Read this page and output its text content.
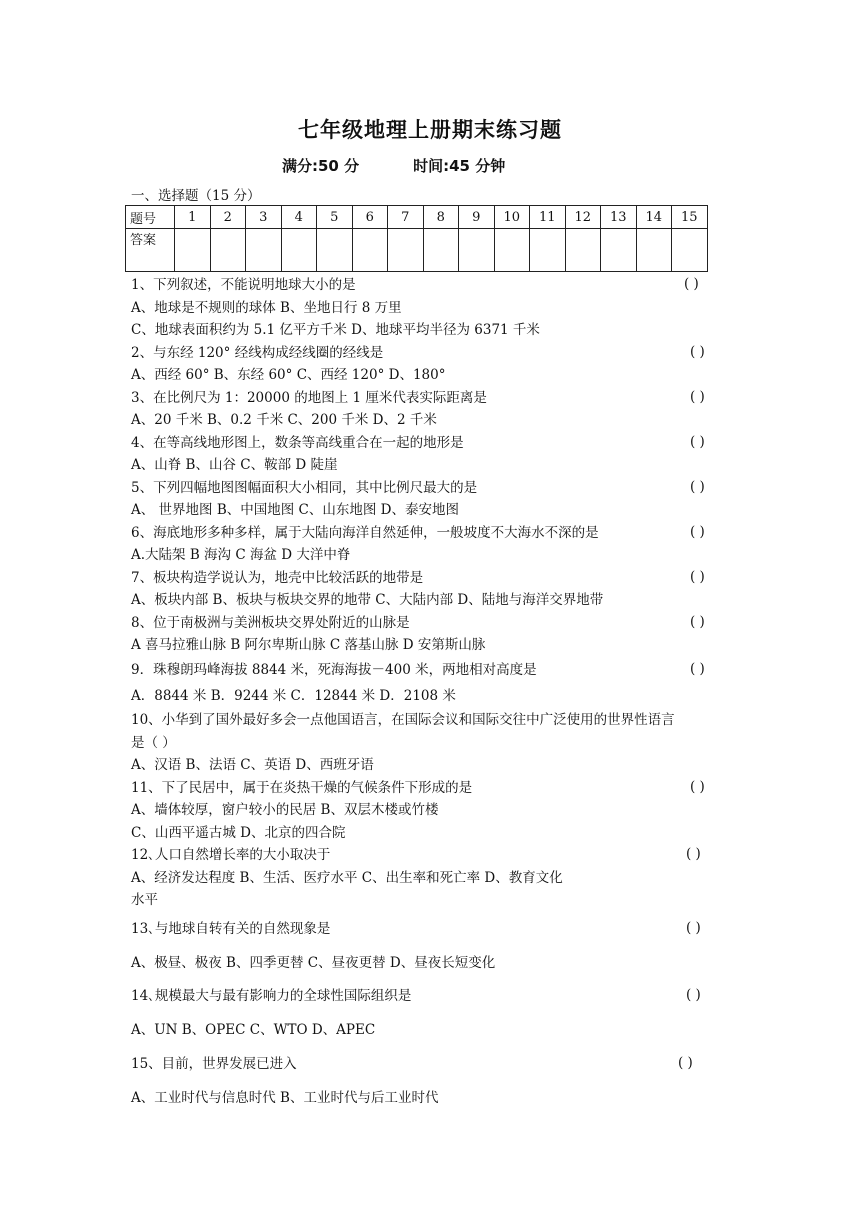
七年级地理上册期末练习题
满分:50 分	时间:45 分钟
一、选择题（15 分）
题号	1	2	3	4	5	6	7	8	9	10	11	12	13	14	15
答案															
1、下列叙述，不能说明地球大小的是	( )
A、地球是不规则的球体 B、坐地日行 8 万里
C、地球表面积约为 5.1 亿平方千米 D、地球平均半径为 6371 千米
2、与东经 120° 经线构成经线圈的经线是	( )
A、西经 60° B、东经 60° C、西经 120° D、180°
3、在比例尺为 1：20000 的地图上 1 厘米代表实际距离是	( )
A、20 千米 B、0.2 千米 C、200 千米 D、2 千米
4、在等高线地形图上，数条等高线重合在一起的地形是	( )
A、山脊 B、山谷 C、鞍部 D 陡崖
5、下列四幅地图图幅面积大小相同，其中比例尺最大的是	( )
A、 世界地图 B、中国地图 C、山东地图 D、泰安地图
6、海底地形多种多样，属于大陆向海洋自然延伸，一般坡度不大海水不深的是	( )
A.大陆架 B 海沟 C 海盆 D 大洋中脊
7、板块构造学说认为，地壳中比较活跃的地带是	( )
A、板块内部 B、板块与板块交界的地带 C、大陆内部 D、陆地与海洋交界地带
8、位于南极洲与美洲板块交界处附近的山脉是	( )
A 喜马拉雅山脉 B 阿尔卑斯山脉 C 落基山脉 D 安第斯山脉
9．珠穆朗玛峰海拔 8844 米，死海海拔－400 米，两地相对高度是	( )
A．8844 米 B．9244 米 C．12844 米 D．2108 米
10、小华到了国外最好多会一点他国语言，在国际会议和国际交往中广泛使用的世界性语言
是（ ）
A、汉语 B、法语 C、英语 D、西班牙语
11、下了民居中，属于在炎热干燥的气候条件下形成的是	( )
A、墙体较厚，窗户较小的民居 B、双层木楼或竹楼
C、山西平遥古城 D、北京的四合院
12､人口自然增长率的大小取决于	( )
A、经济发达程度 B、生活、医疗水平 C、出生率和死亡率 D、教育文化
水平
13､与地球自转有关的自然现象是	( )
A、极昼、极夜 B、四季更替 C、昼夜更替 D、昼夜长短变化
14､规模最大与最有影响力的全球性国际组织是	( )
A、UN B、OPEC C、WTO D、APEC
15、目前，世界发展已进入	( )
A、工业时代与信息时代 B、工业时代与后工业时代
